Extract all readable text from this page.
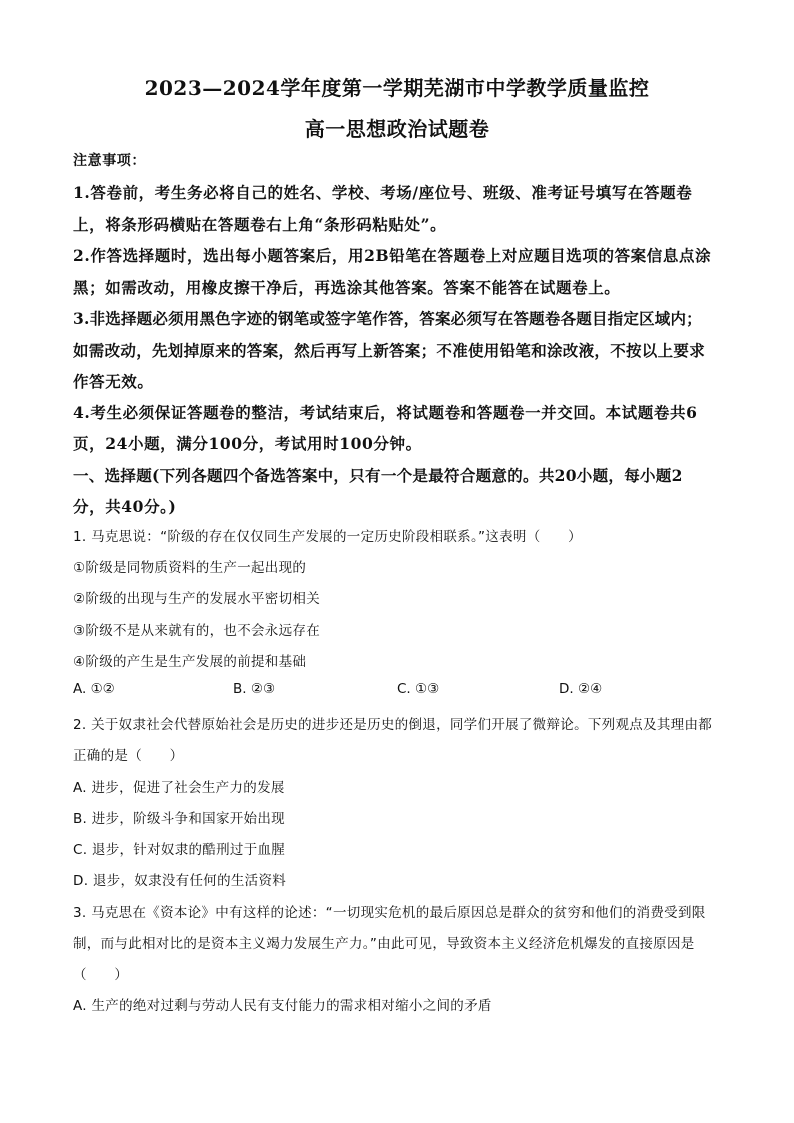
2023—2024学年度第一学期芜湖市中学教学质量监控
高一思想政治试题卷
注意事项：
1.答卷前，考生务必将自己的姓名、学校、考场/座位号、班级、准考证号填写在答题卷
上，将条形码横贴在答题卷右上角“条形码粘贴处”。
2.作答选择题时，选出每小题答案后，用2B铅笔在答题卷上对应题目选项的答案信息点涂
黑；如需改动，用橡皮擦干净后，再选涂其他答案。答案不能答在试题卷上。
3.非选择题必须用黑色字迹的钢笔或签字笔作答，答案必须写在答题卷各题目指定区域内；
如需改动，先划掉原来的答案，然后再写上新答案；不准使用铅笔和涂改液，不按以上要求
作答无效。
4.考生必须保证答题卷的整洁，考试结束后，将试题卷和答题卷一并交回。本试题卷共6
页，24小题，满分100分，考试用时100分钟。
一、选择题(下列各题四个备选答案中，只有一个是最符合题意的。共20小题，每小题2
分，共40分。)
1. 马克思说：“阶级的存在仅仅同生产发展的一定历史阶段相联系。”这表明（　　）
①阶级是同物质资料的生产一起出现的
②阶级的出现与生产的发展水平密切相关
③阶级不是从来就有的，也不会永远存在
④阶级的产生是生产发展的前提和基础
A. ①②	B. ②③	C. ①③	D. ②④
2. 关于奴隶社会代替原始社会是历史的进步还是历史的倒退，同学们开展了微辩论。下列观点及其理由都
正确的是（　　）
A. 进步，促进了社会生产力的发展
B. 进步，阶级斗争和国家开始出现
C. 退步，针对奴隶的酷刑过于血腥
D. 退步，奴隶没有任何的生活资料
3. 马克思在《资本论》中有这样的论述：“一切现实危机的最后原因总是群众的贫穷和他们的消费受到限
制，而与此相对比的是资本主义竭力发展生产力。”由此可见，导致资本主义经济危机爆发的直接原因是
（　　）
A. 生产的绝对过剩与劳动人民有支付能力的需求相对缩小之间的矛盾
